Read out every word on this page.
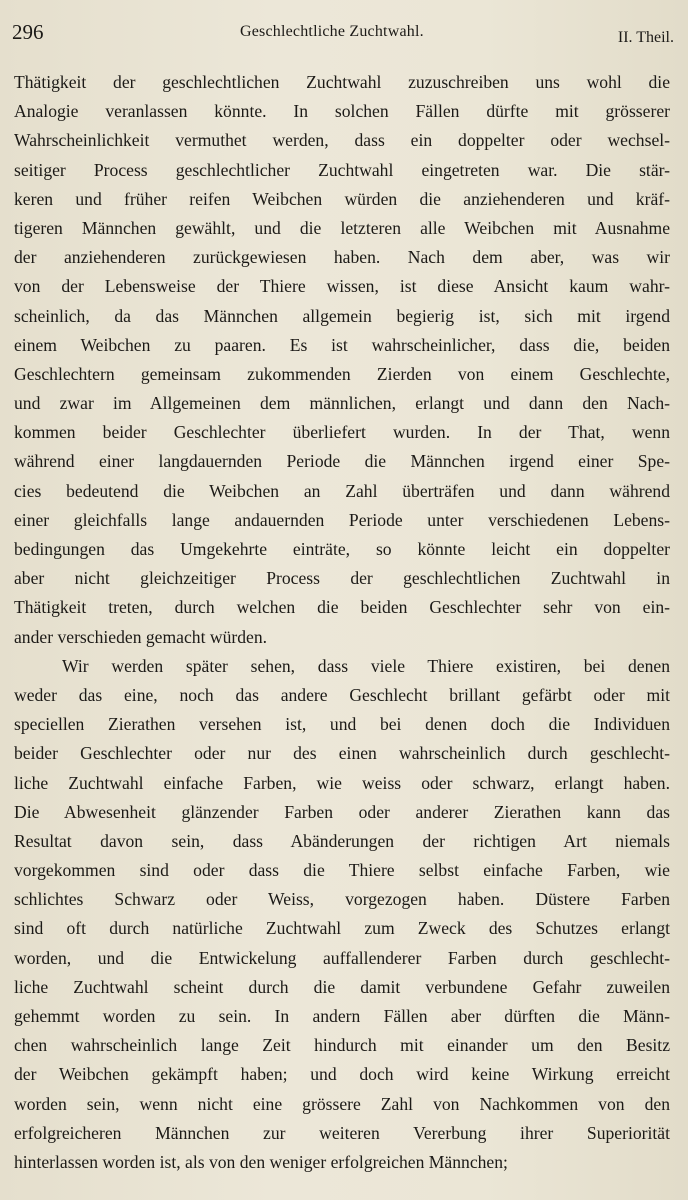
296	Geschlechtliche Zuchtwahl.	II. Theil.
Thätigkeit der geschlechtlichen Zuchtwahl zuzuschreiben uns wohl die
Analogie veranlassen könnte. In solchen Fällen dürfte mit grösserer
Wahrscheinlichkeit vermuthet werden, dass ein doppelter oder wechsel-
seitiger Process geschlechtlicher Zuchtwahl eingetreten war. Die stär-
keren und früher reifen Weibchen würden die anziehenderen und kräf-
tigeren Männchen gewählt, und die letzteren alle Weibchen mit Ausnahme
der anziehenderen zurückgewiesen haben. Nach dem aber, was wir
von der Lebensweise der Thiere wissen, ist diese Ansicht kaum wahr-
scheinlich, da das Männchen allgemein begierig ist, sich mit irgend
einem Weibchen zu paaren. Es ist wahrscheinlicher, dass die, beiden
Geschlechtern gemeinsam zukommenden Zierden von einem Geschlechte,
und zwar im Allgemeinen dem männlichen, erlangt und dann den Nach-
kommen beider Geschlechter überliefert wurden. In der That, wenn
während einer langdauernden Periode die Männchen irgend einer Spe-
cies bedeutend die Weibchen an Zahl überträfen und dann während
einer gleichfalls lange andauernden Periode unter verschiedenen Lebens-
bedingungen das Umgekehrte einträte, so könnte leicht ein doppelter
aber nicht gleichzeitiger Process der geschlechtlichen Zuchtwahl in
Thätigkeit treten, durch welchen die beiden Geschlechter sehr von ein-
ander verschieden gemacht würden.
Wir werden später sehen, dass viele Thiere existiren, bei denen
weder das eine, noch das andere Geschlecht brillant gefärbt oder mit
speciellen Zierathen versehen ist, und bei denen doch die Individuen
beider Geschlechter oder nur des einen wahrscheinlich durch geschlecht-
liche Zuchtwahl einfache Farben, wie weiss oder schwarz, erlangt haben.
Die Abwesenheit glänzender Farben oder anderer Zierathen kann das
Resultat davon sein, dass Abänderungen der richtigen Art niemals
vorgekommen sind oder dass die Thiere selbst einfache Farben, wie
schlichtes Schwarz oder Weiss, vorgezogen haben. Düstere Farben
sind oft durch natürliche Zuchtwahl zum Zweck des Schutzes erlangt
worden, und die Entwickelung auffallenderer Farben durch geschlecht-
liche Zuchtwahl scheint durch die damit verbundene Gefahr zuweilen
gehemmt worden zu sein. In andern Fällen aber dürften die Männ-
chen wahrscheinlich lange Zeit hindurch mit einander um den Besitz
der Weibchen gekämpft haben; und doch wird keine Wirkung erreicht
worden sein, wenn nicht eine grössere Zahl von Nachkommen von den
erfolgreicheren Männchen zur weiteren Vererbung ihrer Superiorität
hinterlassen worden ist, als von den weniger erfolgreichen Männchen;
